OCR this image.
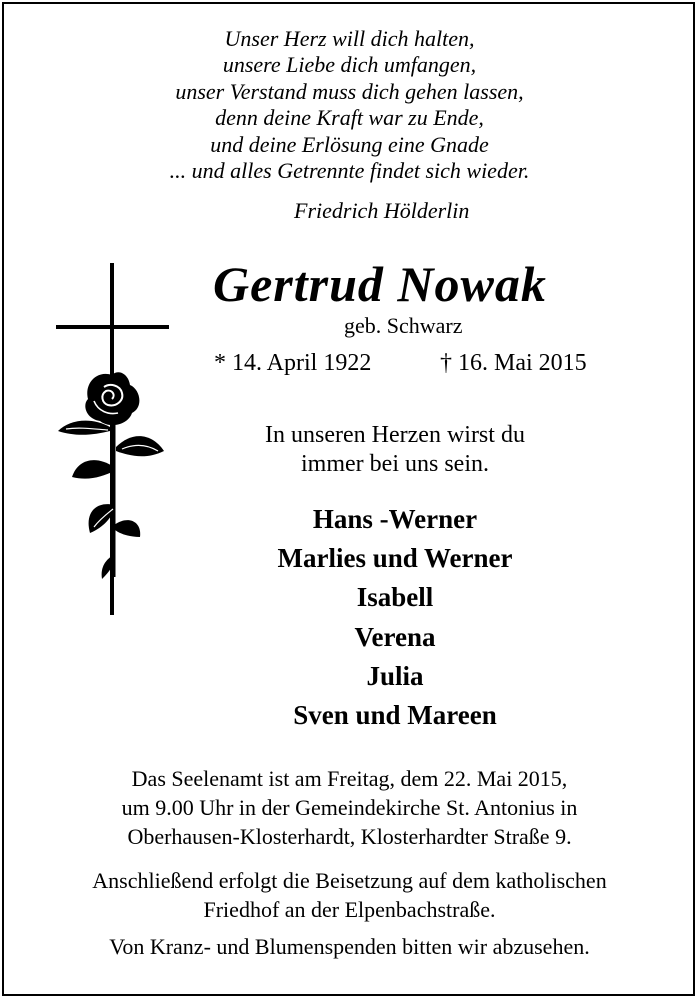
Unser Herz will dich halten,
unsere Liebe dich umfangen,
unser Verstand muss dich gehen lassen,
denn deine Kraft war zu Ende,
und deine Erlösung eine Gnade
... und alles Getrennte findet sich wieder.
Friedrich Hölderlin
Gertrud Nowak
geb. Schwarz
* 14. April 1922	† 16. Mai 2015
In unseren Herzen wirst du
immer bei uns sein.
Hans -Werner
Marlies und Werner
Isabell
Verena
Julia
Sven und Mareen
Das Seelenamt ist am Freitag, dem 22. Mai 2015,
um 9.00 Uhr in der Gemeindekirche St. Antonius in
Oberhausen-Klosterhardt, Klosterhardter Straße 9.
Anschließend erfolgt die Beisetzung auf dem katholischen
Friedhof an der Elpenbachstraße.
Von Kranz- und Blumenspenden bitten wir abzusehen.
